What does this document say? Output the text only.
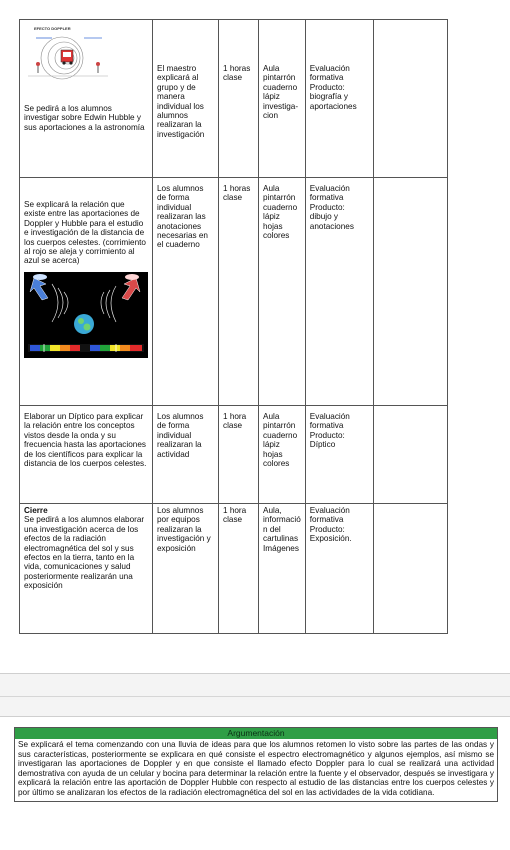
EFECTO DOPPLER
Se pedirá a los alumnos investigar sobre Edwin Hubble y sus aportaciones a la astronomía	El maestro explicará al grupo y de manera individual los alumnos realizaran la investigación	1 horas clase	Aula pintarrón cuaderno lápiz investiga-cion	Evaluación formativa Producto: biografía y aportaciones	

Se explicará la relación que existe entre las aportaciones de Doppler y Hubble para el estudio e investigación de la distancia de los cuerpos celestes. (corrimiento al rojo se aleja y corrimiento al azul se acerca)	Los alumnos de forma individual realizaran las anotaciones necesarias en el cuaderno	1 horas clase	Aula pintarrón cuaderno lápiz hojas colores	Evaluación formativa Producto: dibujo y anotaciones	

Elaborar un Díptico para explicar la relación entre los conceptos vistos desde la onda y su frecuencia hasta las aportaciones de los científicos para explicar la distancia de los cuerpos celestes.	Los alumnos de forma individual realizaran la actividad	1 hora clase	Aula pintarrón cuaderno lápiz hojas colores	Evaluación formativa Producto: Díptico	

Cierre
Se pedirá a los alumnos elaborar una investigación acerca de los efectos de la radiación electromagnética del sol y sus efectos en la tierra, tanto en la vida, comunicaciones y salud posteriormente realizarán una exposición	Los alumnos por equipos realizaran la investigación y exposición	1 hora clase	Aula, informació n del cartulinas Imágenes	Evaluación formativa Producto: Exposición.	

Argumentación
Se explicará el tema comenzando con una lluvia de ideas para que los alumnos retomen lo visto sobre las partes de las ondas y sus características, posteriormente se explicara en qué consiste el espectro electromagnético y algunos ejemplos, así mismo se investigaran las aportaciones de Doppler y en que consiste el llamado efecto Doppler para lo cual se realizará una actividad demostrativa con ayuda de un celular y bocina para determinar la relación entre la fuente y el observador, después se investigara y explicará la relación entre las aportación de Doppler Hubble con respecto al estudio de las distancias entre los cuerpos celestes y por último se analizaran los efectos de la radiación electromagnética del sol en las actividades de la vida cotidiana.
